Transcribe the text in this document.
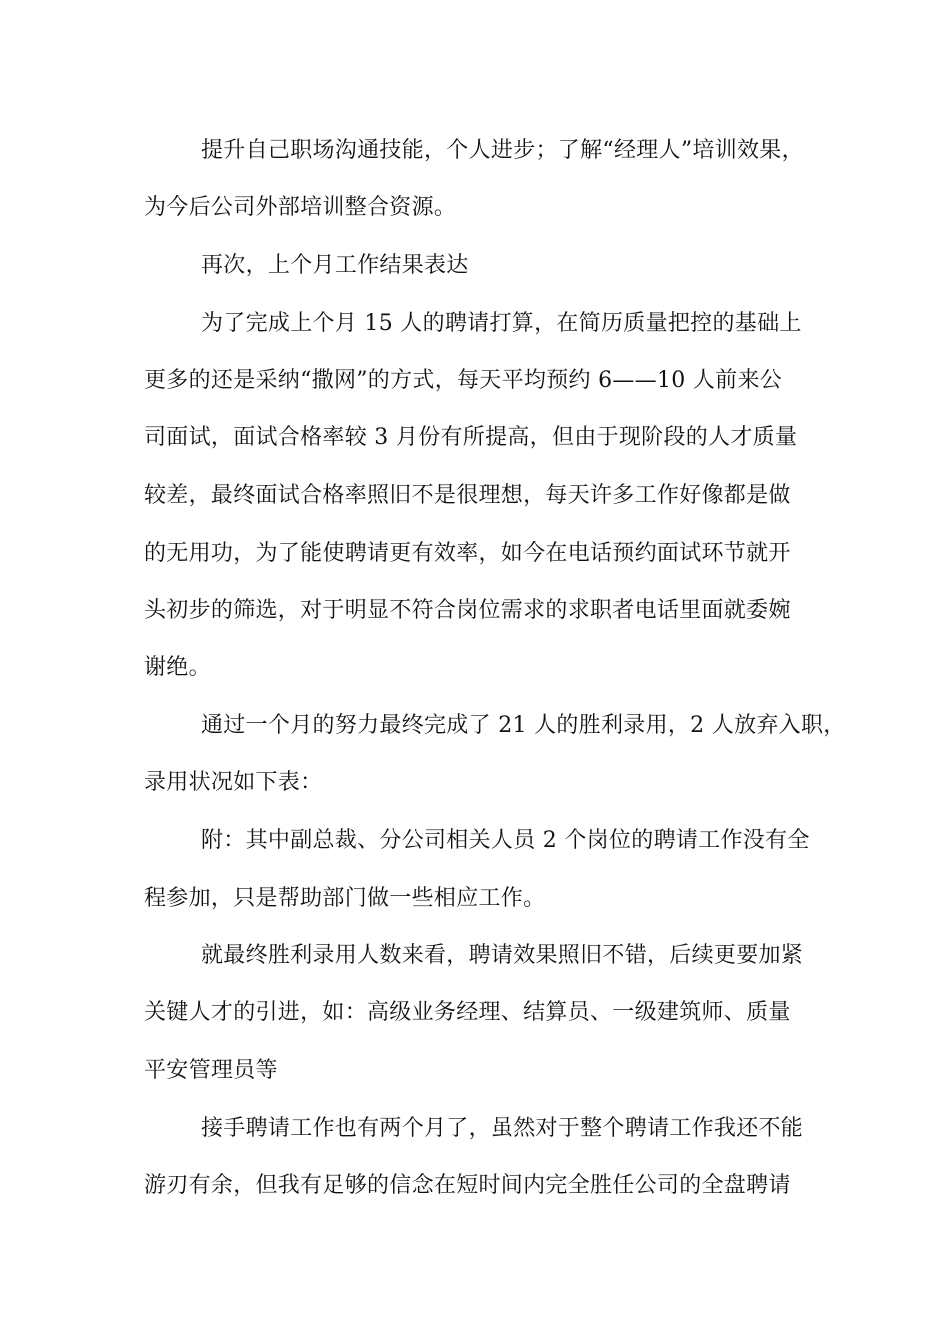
提升自己职场沟通技能，个人进步；了解“经理人”培训效果，
为今后公司外部培训整合资源。
再次，上个月工作结果表达
为了完成上个月 15 人的聘请打算，在简历质量把控的基础上
更多的还是采纳“撒网”的方式，每天平均预约 6——10 人前来公
司面试，面试合格率较 3 月份有所提高，但由于现阶段的人才质量
较差，最终面试合格率照旧不是很理想，每天许多工作好像都是做
的无用功，为了能使聘请更有效率，如今在电话预约面试环节就开
头初步的筛选，对于明显不符合岗位需求的求职者电话里面就委婉
谢绝。
通过一个月的努力最终完成了 21 人的胜利录用，2 人放弃入职，
录用状况如下表：
附：其中副总裁、分公司相关人员 2 个岗位的聘请工作没有全
程参加，只是帮助部门做一些相应工作。
就最终胜利录用人数来看，聘请效果照旧不错，后续更要加紧
关键人才的引进，如：高级业务经理、结算员、一级建筑师、质量
平安管理员等
接手聘请工作也有两个月了，虽然对于整个聘请工作我还不能
游刃有余，但我有足够的信念在短时间内完全胜任公司的全盘聘请
